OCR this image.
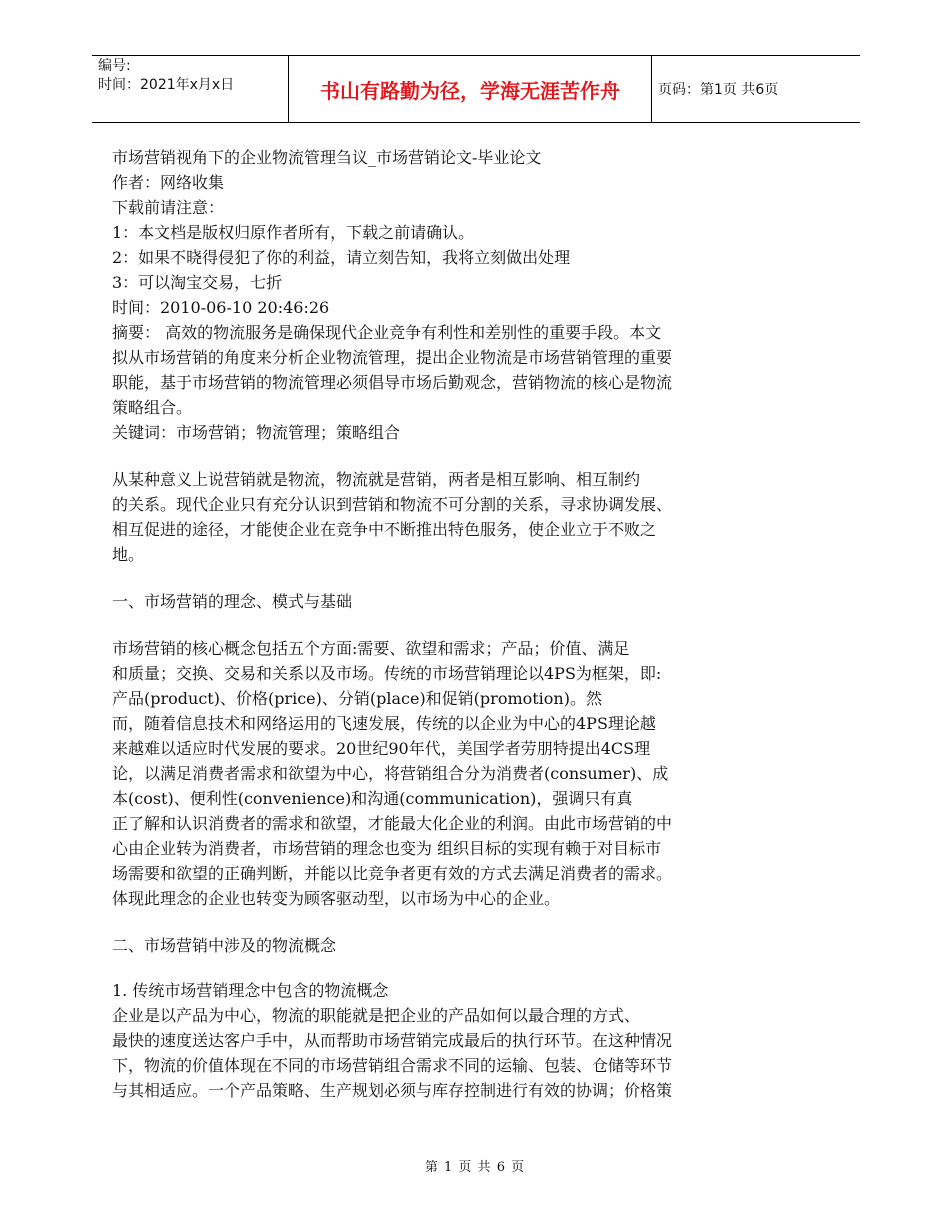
编号:
时间：2021年x月x日	书山有路勤为径，学海无涯苦作舟	页码：第1页 共6页
市场营销视角下的企业物流管理刍议_市场营销论文-毕业论文
作者：网络收集
下载前请注意：
1：本文档是版权归原作者所有，下载之前请确认。
2：如果不晓得侵犯了你的利益，请立刻告知，我将立刻做出处理
3：可以淘宝交易，七折
时间：2010-06-10 20:46:26
摘要： 高效的物流服务是确保现代企业竞争有利性和差别性的重要手段。本文
拟从市场营销的角度来分析企业物流管理，提出企业物流是市场营销管理的重要
职能，基于市场营销的物流管理必须倡导市场后勤观念，营销物流的核心是物流
策略组合。
关键词：市场营销；物流管理；策略组合
从某种意义上说营销就是物流，物流就是营销，两者是相互影响、相互制约
的关系。现代企业只有充分认识到营销和物流不可分割的关系，寻求协调发展、
相互促进的途径，才能使企业在竞争中不断推出特色服务，使企业立于不败之
地。
一、市场营销的理念、模式与基础
市场营销的核心概念包括五个方面:需要、欲望和需求；产品；价值、满足
和质量；交换、交易和关系以及市场。传统的市场营销理论以4PS为框架，即:
产品(product)、价格(price)、分销(place)和促销(promotion)。然
而，随着信息技术和网络运用的飞速发展，传统的以企业为中心的4PS理论越
来越难以适应时代发展的要求。20世纪90年代，美国学者劳朋特提出4CS理
论，以满足消费者需求和欲望为中心，将营销组合分为消费者(consumer)、成
本(cost)、便利性(convenience)和沟通(communication)，强调只有真
正了解和认识消费者的需求和欲望，才能最大化企业的利润。由此市场营销的中
心由企业转为消费者，市场营销的理念也变为 组织目标的实现有赖于对目标市
场需要和欲望的正确判断，并能以比竞争者更有效的方式去满足消费者的需求。
体现此理念的企业也转变为顾客驱动型，以市场为中心的企业。
二、市场营销中涉及的物流概念
1. 传统市场营销理念中包含的物流概念
企业是以产品为中心，物流的职能就是把企业的产品如何以最合理的方式、
最快的速度送达客户手中，从而帮助市场营销完成最后的执行环节。在这种情况
下，物流的价值体现在不同的市场营销组合需求不同的运输、包装、仓储等环节
与其相适应。一个产品策略、生产规划必须与库存控制进行有效的协调；价格策
第 1 页 共 6 页
